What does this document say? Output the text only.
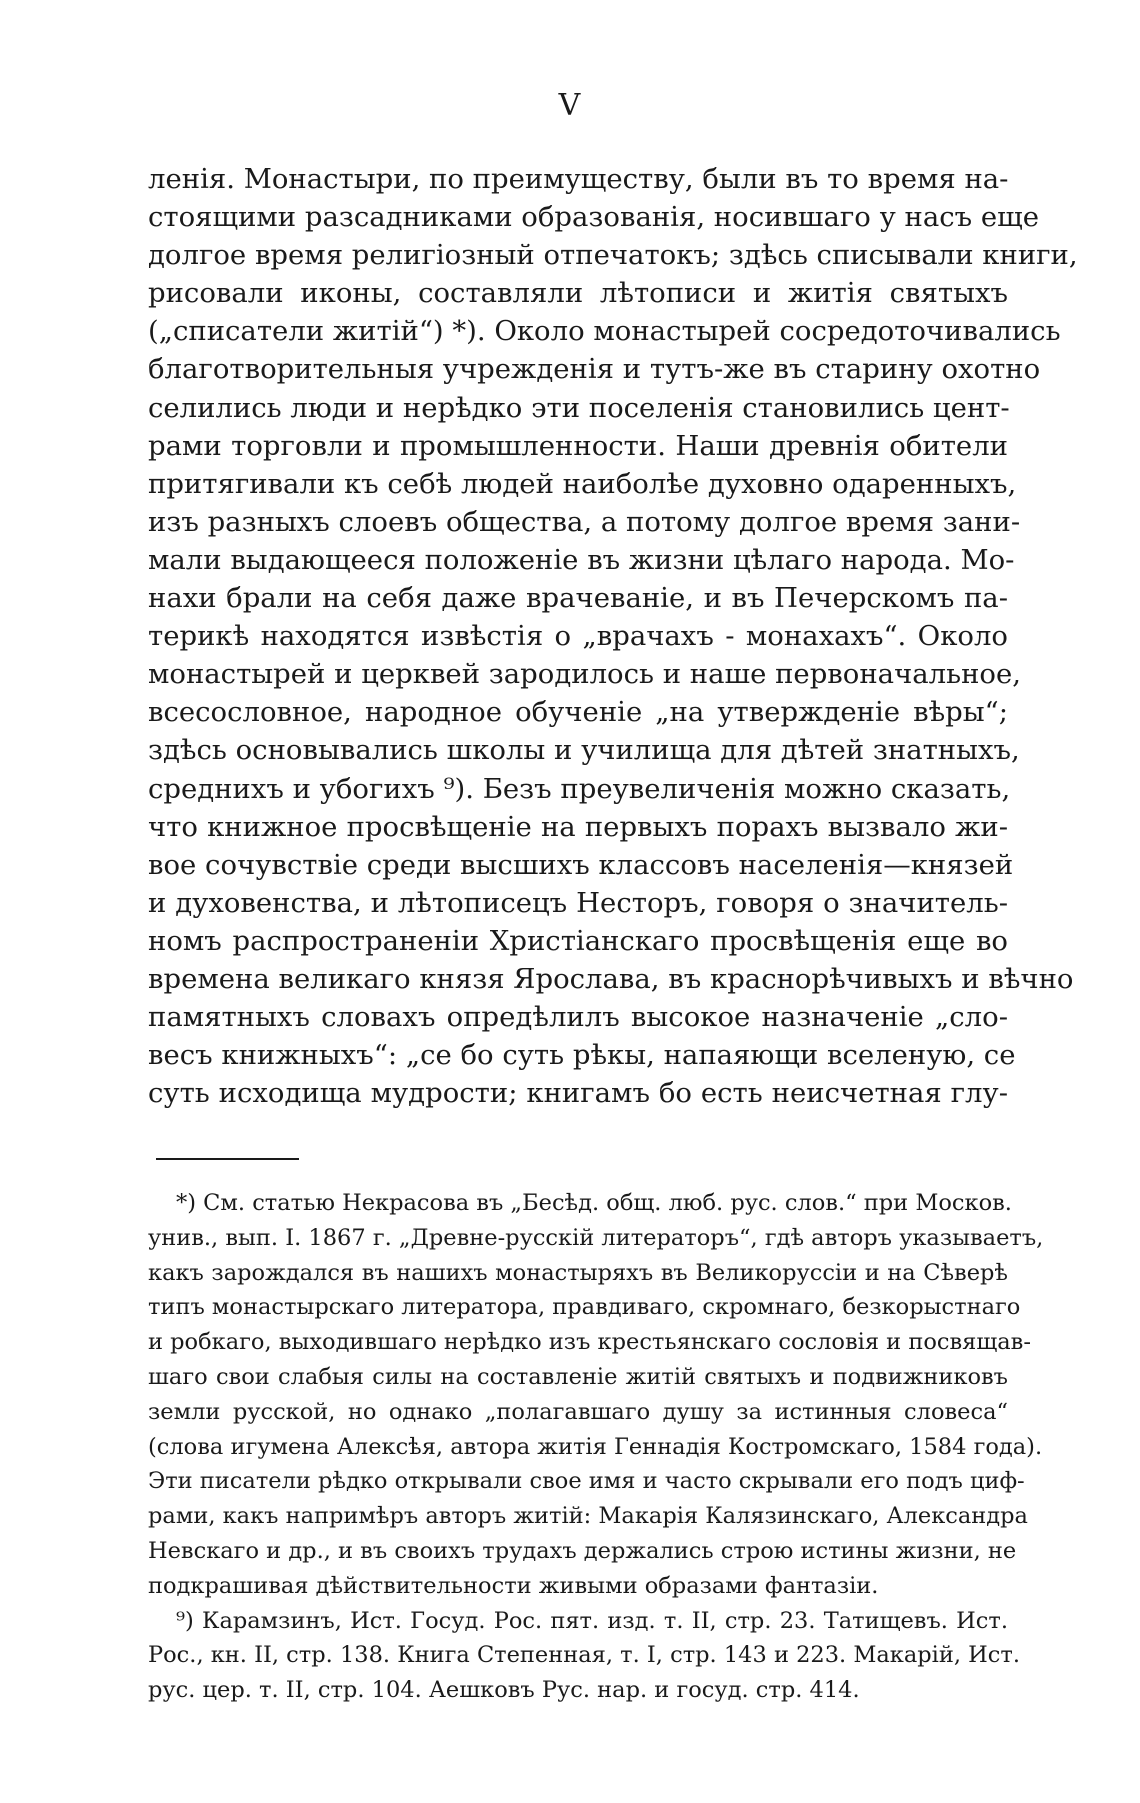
V
ленія. Монастыри, по преимуществу, были въ то время на-
стоящими разсадниками образованія, носившаго у насъ еще
долгое время религіозный отпечатокъ; здѣсь списывали книги,
рисовали иконы, составляли лѣтописи и житія святыхъ
(„списатели житій“) *). Около монастырей сосредоточивались
благотворительныя учрежденія и тутъ-же въ старину охотно
селились люди и нерѣдко эти поселенія становились цент-
рами торговли и промышленности. Наши древнія обители
притягивали къ себѣ людей наиболѣе духовно одаренныхъ,
изъ разныхъ слоевъ общества, а потому долгое время зани-
мали выдающееся положеніе въ жизни цѣлаго народа. Мо-
нахи брали на себя даже врачеваніе, и въ Печерскомъ па-
терикѣ находятся извѣстія о „врачахъ - монахахъ“. Около
монастырей и церквей зародилось и наше первоначальное,
всесословное, народное обученіе „на утвержденіе вѣры“;
здѣсь основывались школы и училища для дѣтей знатныхъ,
среднихъ и убогихъ ⁹). Безъ преувеличенія можно сказать,
что книжное просвѣщеніе на первыхъ порахъ вызвало жи-
вое сочувствіе среди высшихъ классовъ населенія—князей
и духовенства, и лѣтописецъ Несторъ, говоря о значитель-
номъ распространеніи Христіанскаго просвѣщенія еще во
времена великаго князя Ярослава, въ краснорѣчивыхъ и вѣчно
памятныхъ словахъ опредѣлилъ высокое назначеніе „сло-
весъ книжныхъ“: „се бо суть рѣкы, напаяющи вселеную, се
суть исходища мудрости; книгамъ бо есть неисчетная глу-
*) См. статью Некрасова въ „Бесѣд. общ. люб. рус. слов.“ при Москов.
унив., вып. I. 1867 г. „Древне-русскій литераторъ“, гдѣ авторъ указываетъ,
какъ зарождался въ нашихъ монастыряхъ въ Великоруссіи и на Сѣверѣ
типъ монастырскаго литератора, правдиваго, скромнаго, безкорыстнаго
и робкаго, выходившаго нерѣдко изъ крестьянскаго сословія и посвящав-
шаго свои слабыя силы на составленіе житій святыхъ и подвижниковъ
земли русской, но однако „полагавшаго душу за истинныя словеса“
(слова игумена Алексѣя, автора житія Геннадія Костромскаго, 1584 года).
Эти писатели рѣдко открывали свое имя и часто скрывали его подъ циф-
рами, какъ напримѣръ авторъ житій: Макарія Калязинскаго, Александра
Невскаго и др., и въ своихъ трудахъ держались строю истины жизни, не
подкрашивая дѣйствительности живыми образами фантазіи.
⁹) Карамзинъ, Ист. Госуд. Рос. пят. изд. т. II, стр. 23. Татищевъ. Ист.
Рос., кн. II, стр. 138. Книга Степенная, т. I, стр. 143 и 223. Макарій, Ист.
рус. цер. т. II, стр. 104. Аешковъ Рус. нар. и госуд. стр. 414.
